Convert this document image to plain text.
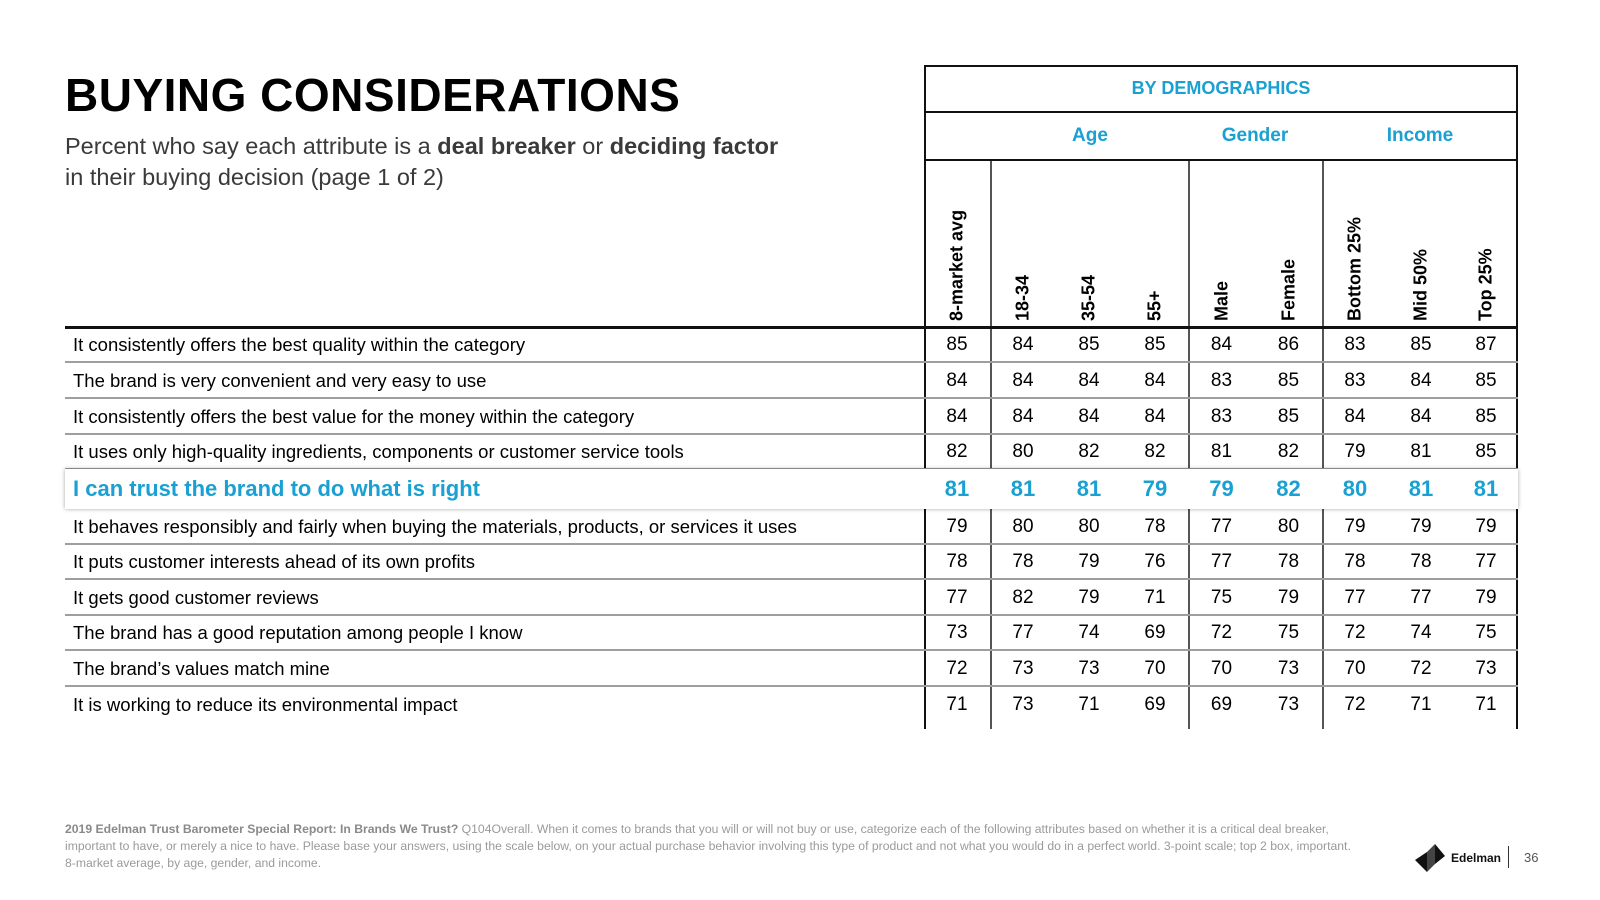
BUYING CONSIDERATIONS
Percent who say each attribute is a deal breaker or deciding factor in their buying decision (page 1 of 2)
BY DEMOGRAPHICS
Age	Gender	Income
8-market avg	18-34	35-54	55+	Male	Female	Bottom 25%	Mid 50%	Top 25%
It consistently offers the best quality within the category	85	84	85	85	84	86	83	85	87
The brand is very convenient and very easy to use	84	84	84	84	83	85	83	84	85
It consistently offers the best value for the money within the category	84	84	84	84	83	85	84	84	85
It uses only high-quality ingredients, components or customer service tools	82	80	82	82	81	82	79	81	85
I can trust the brand to do what is right	81	81	81	79	79	82	80	81	81
It behaves responsibly and fairly when buying the materials, products, or services it uses	79	80	80	78	77	80	79	79	79
It puts customer interests ahead of its own profits	78	78	79	76	77	78	78	78	77
It gets good customer reviews	77	82	79	71	75	79	77	77	79
The brand has a good reputation among people I know	73	77	74	69	72	75	72	74	75
The brand’s values match mine	72	73	73	70	70	73	70	72	73
It is working to reduce its environmental impact	71	73	71	69	69	73	72	71	71
2019 Edelman Trust Barometer Special Report: In Brands We Trust? Q104Overall. When it comes to brands that you will or will not buy or use, categorize each of the following attributes based on whether it is a critical deal breaker, important to have, or merely a nice to have. Please base your answers, using the scale below, on your actual purchase behavior involving this type of product and not what you would do in a perfect world. 3-point scale; top 2 box, important. 8-market average, by age, gender, and income.	Edelman 36
